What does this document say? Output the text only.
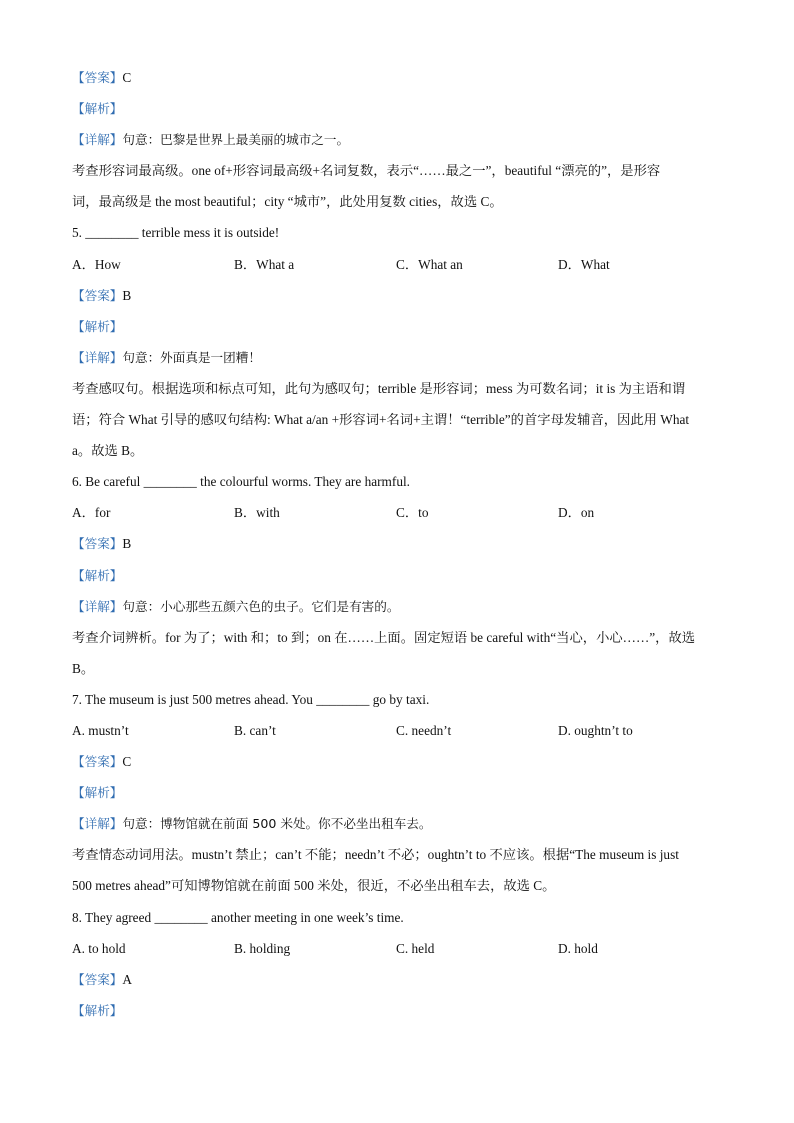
【答案】C
【解析】
【详解】句意：巴黎是世界上最美丽的城市之一。
考查形容词最高级。one of+形容词最高级+名词复数，表示“……最之一”，beautiful “漂亮的”，是形容
词，最高级是 the most beautiful；city “城市”，此处用复数 cities，故选 C。
5. ________ terrible mess it is outside!
A．How	B．What a	C．What an	D．What
【答案】B
【解析】
【详解】句意：外面真是一团糟！
考查感叹句。根据选项和标点可知，此句为感叹句；terrible 是形容词；mess 为可数名词；it is 为主语和谓
语；符合 What 引导的感叹句结构: What a/an +形容词+名词+主谓！“terrible”的首字母发辅音，因此用 What
a。故选 B。
6. Be careful ________ the colourful worms. They are harmful.
A．for	B．with	C．to	D．on
【答案】B
【解析】
【详解】句意：小心那些五颜六色的虫子。它们是有害的。
考查介词辨析。for 为了；with 和；to 到；on 在……上面。固定短语 be careful with“当心，小心……”，故选
B。
7. The museum is just 500 metres ahead. You ________ go by taxi.
A. mustn’t	B. can’t	C. needn’t	D. oughtn’t to
【答案】C
【解析】
【详解】句意：博物馆就在前面 500 米处。你不必坐出租车去。
考查情态动词用法。mustn’t 禁止；can’t 不能；needn’t 不必；oughtn’t to 不应该。根据“The museum is just
500 metres ahead”可知博物馆就在前面 500 米处，很近，不必坐出租车去，故选 C。
8. They agreed ________ another meeting in one week’s time.
A. to hold	B. holding	C. held	D. hold
【答案】A
【解析】
